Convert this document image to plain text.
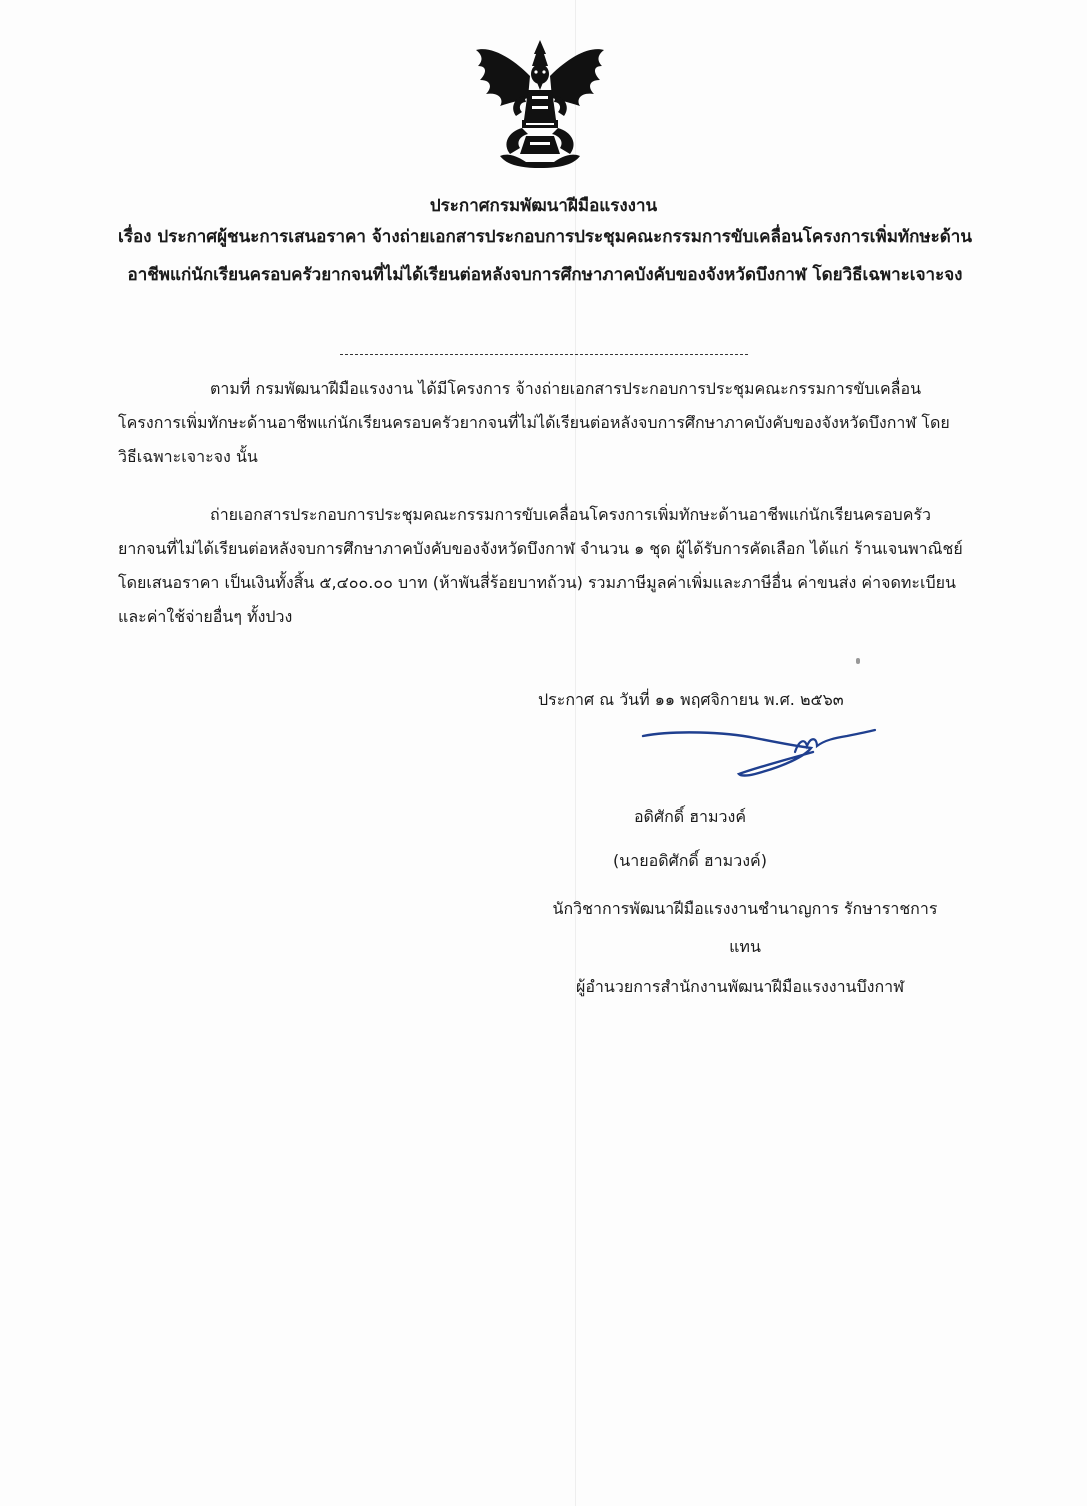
ประกาศกรมพัฒนาฝีมือแรงงาน
เรื่อง ประกาศผู้ชนะการเสนอราคา จ้างถ่ายเอกสารประกอบการประชุมคณะกรรมการขับเคลื่อนโครงการเพิ่มทักษะด้านอาชีพแก่นักเรียนครอบครัวยากจนที่ไม่ได้เรียนต่อหลังจบการศึกษาภาคบังคับของจังหวัดบึงกาฬ โดยวิธีเฉพาะเจาะจง
ตามที่ กรมพัฒนาฝีมือแรงงาน ได้มีโครงการ จ้างถ่ายเอกสารประกอบการประชุมคณะกรรมการขับเคลื่อนโครงการเพิ่มทักษะด้านอาชีพแก่นักเรียนครอบครัวยากจนที่ไม่ได้เรียนต่อหลังจบการศึกษาภาคบังคับของจังหวัดบึงกาฬ โดยวิธีเฉพาะเจาะจง นั้น
ถ่ายเอกสารประกอบการประชุมคณะกรรมการขับเคลื่อนโครงการเพิ่มทักษะด้านอาชีพแก่นักเรียนครอบครัวยากจนที่ไม่ได้เรียนต่อหลังจบการศึกษาภาคบังคับของจังหวัดบึงกาฬ จำนวน ๑ ชุด ผู้ได้รับการคัดเลือก ได้แก่ ร้านเจนพาณิชย์ โดยเสนอราคา เป็นเงินทั้งสิ้น ๕,๔๐๐.๐๐ บาท (ห้าพันสี่ร้อยบาทถ้วน) รวมภาษีมูลค่าเพิ่มและภาษีอื่น ค่าขนส่ง ค่าจดทะเบียน และค่าใช้จ่ายอื่นๆ ทั้งปวง
ประกาศ ณ วันที่ ๑๑ พฤศจิกายน พ.ศ. ๒๕๖๓
อดิศักดิ์ ฮามวงค์
(นายอดิศักดิ์ ฮามวงค์)
นักวิชาการพัฒนาฝีมือแรงงานชำนาญการ รักษาราชการ
แทน
ผู้อำนวยการสำนักงานพัฒนาฝีมือแรงงานบึงกาฬ
